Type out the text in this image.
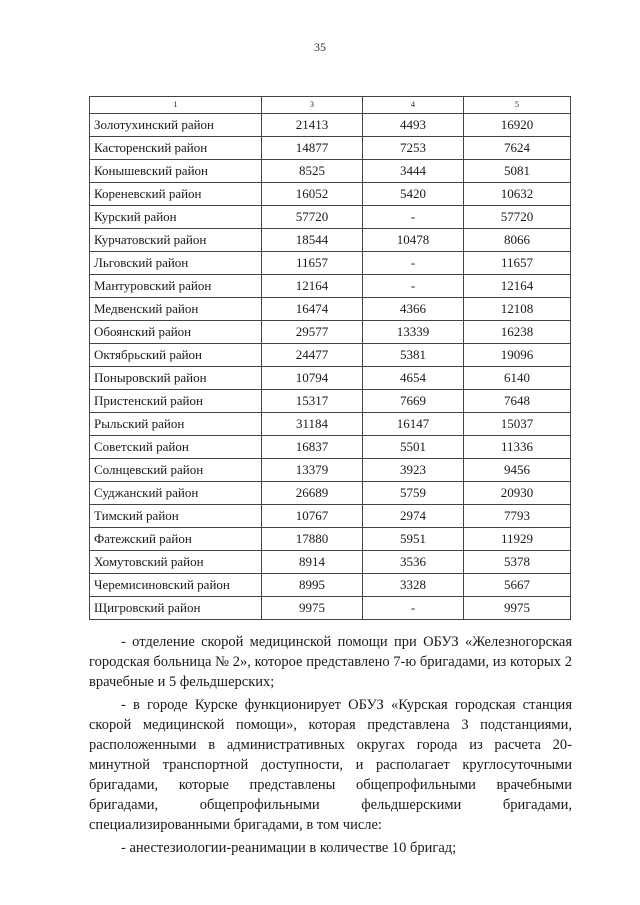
35
1	3	4	5
Золотухинский район	21413	4493	16920
Касторенский район	14877	7253	7624
Конышевский район	8525	3444	5081
Кореневский район	16052	5420	10632
Курский район	57720	-	57720
Курчатовский район	18544	10478	8066
Льговский район	11657	-	11657
Мантуровский район	12164	-	12164
Медвенский район	16474	4366	12108
Обоянский район	29577	13339	16238
Октябрьский район	24477	5381	19096
Поныровский район	10794	4654	6140
Пристенский район	15317	7669	7648
Рыльский район	31184	16147	15037
Советский район	16837	5501	11336
Солнцевский район	13379	3923	9456
Суджанский район	26689	5759	20930
Тимский район	10767	2974	7793
Фатежский район	17880	5951	11929
Хомутовский район	8914	3536	5378
Черемисиновский район	8995	3328	5667
Щигровский район	9975	-	9975

- отделение скорой медицинской помощи при ОБУЗ «Железногорская городская больница № 2», которое представлено 7-ю бригадами, из которых 2 врачебные и 5 фельдшерских;

- в городе Курске функционирует ОБУЗ «Курская городская станция скорой медицинской помощи», которая представлена 3 подстанциями, расположенными в административных округах города из расчета 20-минутной транспортной доступности, и располагает круглосуточными бригадами, которые представлены общепрофильными врачебными бригадами, общепрофильными фельдшерскими бригадами, специализированными бригадами, в том числе:

- анестезиологии-реанимации в количестве 10 бригад;
